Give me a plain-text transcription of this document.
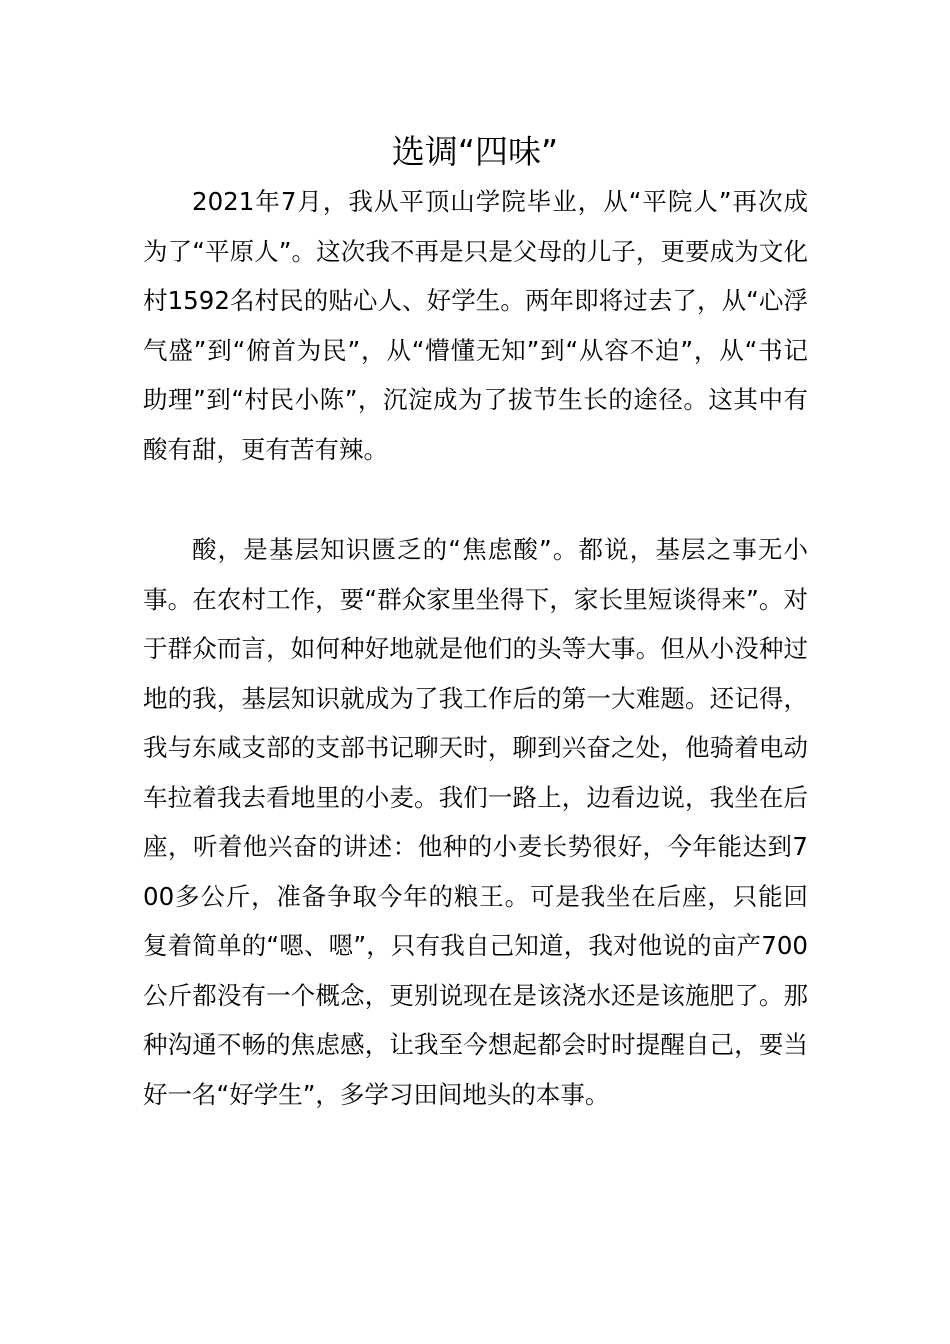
选调“四味”

2021年7月，我从平顶山学院毕业，从“平院人”再次成为了“平原人”。这次我不再是只是父母的儿子，更要成为文化村1592名村民的贴心人、好学生。两年即将过去了，从“心浮气盛”到“俯首为民”，从“懵懂无知”到“从容不迫”，从“书记助理”到“村民小陈”，沉淀成为了拔节生长的途径。这其中有酸有甜，更有苦有辣。

酸，是基层知识匮乏的“焦虑酸”。都说，基层之事无小事。在农村工作，要“群众家里坐得下，家长里短谈得来”。对于群众而言，如何种好地就是他们的头等大事。但从小没种过地的我，基层知识就成为了我工作后的第一大难题。还记得，我与东咸支部的支部书记聊天时，聊到兴奋之处，他骑着电动车拉着我去看地里的小麦。我们一路上，边看边说，我坐在后座，听着他兴奋的讲述：他种的小麦长势很好，今年能达到700多公斤，准备争取今年的粮王。可是我坐在后座，只能回复着简单的“嗯、嗯”，只有我自己知道，我对他说的亩产700公斤都没有一个概念，更别说现在是该浇水还是该施肥了。那种沟通不畅的焦虑感，让我至今想起都会时时提醒自己，要当好一名“好学生”，多学习田间地头的本事。
